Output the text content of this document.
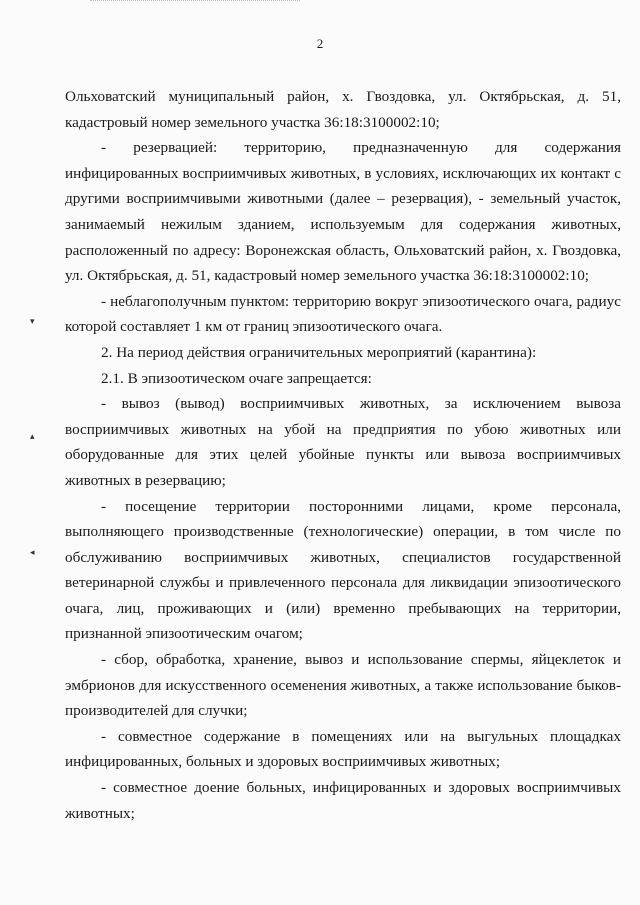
2
▾
▴
◂

Ольховатский муниципальный район, х. Гвоздовка, ул. Октябрьская, д. 51, кадастровый номер земельного участка 36:18:3100002:10;

- резервацией: территорию, предназначенную для содержания инфицированных восприимчивых животных, в условиях, исключающих их контакт с другими восприимчивыми животными (далее – резервация), - земельный участок, занимаемый нежилым зданием, используемым для содержания животных, расположенный по адресу: Воронежская область, Ольховатский район, х. Гвоздовка, ул. Октябрьская, д. 51, кадастровый номер земельного участка 36:18:3100002:10;

- неблагополучным пунктом: территорию вокруг эпизоотического очага, радиус которой составляет 1 км от границ эпизоотического очага.

2. На период действия ограничительных мероприятий (карантина):

2.1. В эпизоотическом очаге запрещается:

- вывоз (вывод) восприимчивых животных, за исключением вывоза восприимчивых животных на убой на предприятия по убою животных или оборудованные для этих целей убойные пункты или вывоза восприимчивых животных в резервацию;

- посещение территории посторонними лицами, кроме персонала, выполняющего производственные (технологические) операции, в том числе по обслуживанию восприимчивых животных, специалистов государственной ветеринарной службы и привлеченного персонала для ликвидации эпизоотического очага, лиц, проживающих и (или) временно пребывающих на территории, признанной эпизоотическим очагом;

- сбор, обработка, хранение, вывоз и использование спермы, яйцеклеток и эмбрионов для искусственного осеменения животных, а также использование быков-производителей для случки;

- совместное содержание в помещениях или на выгульных площадках инфицированных, больных и здоровых восприимчивых животных;

- совместное доение больных, инфицированных и здоровых восприимчивых животных;
